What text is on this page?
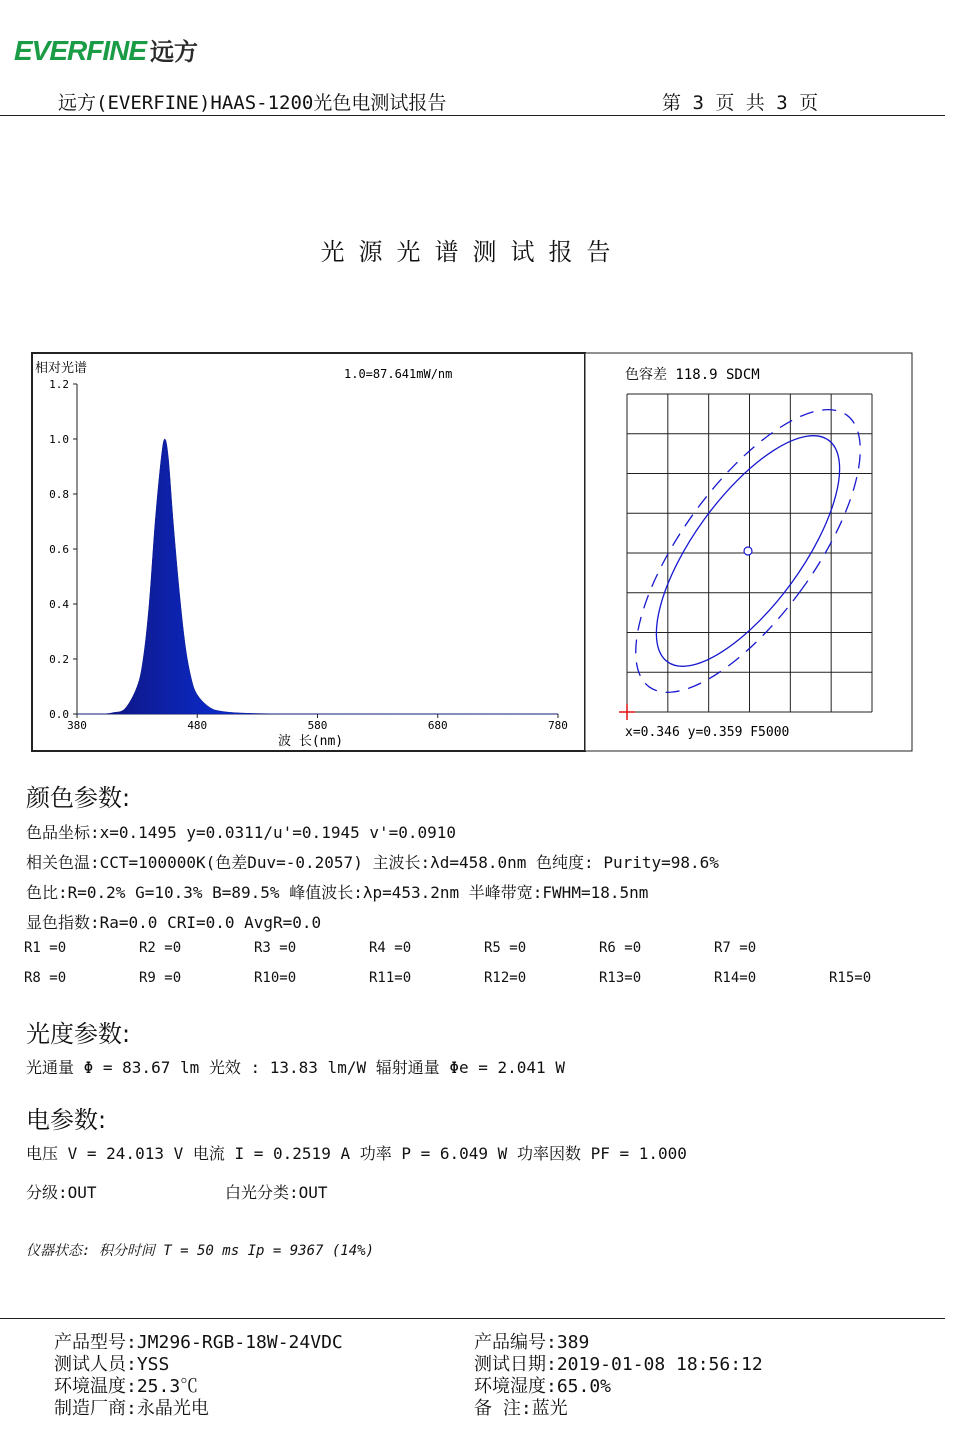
EVERFINE 远方
远方(EVERFINE)HAAS-1200光色电测试报告	第 3 页 共 3 页
光源光谱测试报告
相对光谱	1.0=87.641mW/nm
0.0
0.2
0.4
0.6
0.8
1.0
1.2
380	480	580	680	780
波 长(nm)
色容差 118.9 SDCM
x=0.346 y=0.359 F5000
颜色参数:
色品坐标:x=0.1495 y=0.0311/u'=0.1945 v'=0.0910
相关色温:CCT=100000K(色差Duv=-0.2057) 主波长:λd=458.0nm 色纯度: Purity=98.6%
色比:R=0.2% G=10.3% B=89.5% 峰值波长:λp=453.2nm 半峰带宽:FWHM=18.5nm
显色指数:Ra=0.0 CRI=0.0 AvgR=0.0
R1 =0	R2 =0	R3 =0	R4 =0	R5 =0	R6 =0	R7 =0
R8 =0	R9 =0	R10=0	R11=0	R12=0	R13=0	R14=0	R15=0
光度参数:
光通量 Φ = 83.67 lm 光效 : 13.83 lm/W 辐射通量 Φe = 2.041 W
电参数:
电压 V = 24.013 V 电流 I = 0.2519 A 功率 P = 6.049 W 功率因数 PF = 1.000
分级:OUT	白光分类:OUT
仪器状态: 积分时间 T = 50 ms Ip = 9367 (14%)
产品型号:JM296-RGB-18W-24VDC
测试人员:YSS
环境温度:25.3℃
制造厂商:永晶光电
产品编号:389
测试日期:2019-01-08 18:56:12
环境湿度:65.0%
备 注:蓝光
